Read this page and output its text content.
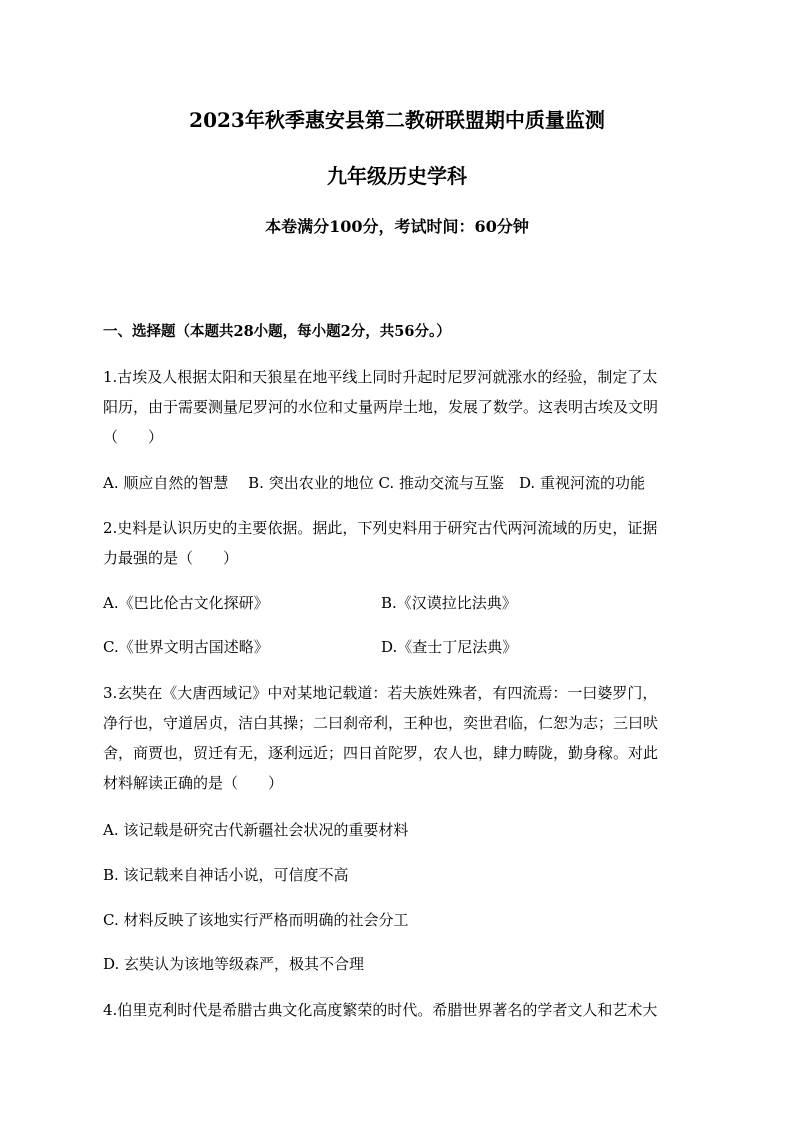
2023年秋季惠安县第二教研联盟期中质量监测
九年级历史学科
本卷满分100分，考试时间：60分钟
一、选择题（本题共28小题，每小题2分，共56分。）
1.古埃及人根据太阳和天狼星在地平线上同时升起时尼罗河就涨水的经验，制定了太
阳历，由于需要测量尼罗河的水位和丈量两岸土地，发展了数学。这表明古埃及文明
（　　）
A. 顺应自然的智慧　 B. 突出农业的地位 C. 推动交流与互鉴　D. 重视河流的功能
2.史料是认识历史的主要依据。据此，下列史料用于研究古代两河流域的历史，证据
力最强的是（　　）
A.《巴比伦古文化探研》	B.《汉谟拉比法典》
C.《世界文明古国述略》	D.《查士丁尼法典》
3.玄奘在《大唐西域记》中对某地记载道：若夫族姓殊者，有四流焉：一曰婆罗门，
净行也，守道居贞，洁白其操；二曰刹帝利，王种也，奕世君临，仁恕为志；三曰吠
舍，商贾也，贸迁有无，逐利远近；四日首陀罗，农人也，肆力畴陇，勤身稼。对此
材料解读正确的是（　　）
A. 该记载是研究古代新疆社会状况的重要材料
B. 该记载来自神话小说，可信度不高
C. 材料反映了该地实行严格而明确的社会分工
D. 玄奘认为该地等级森严，极其不合理
4.伯里克利时代是希腊古典文化高度繁荣的时代。希腊世界著名的学者文人和艺术大
